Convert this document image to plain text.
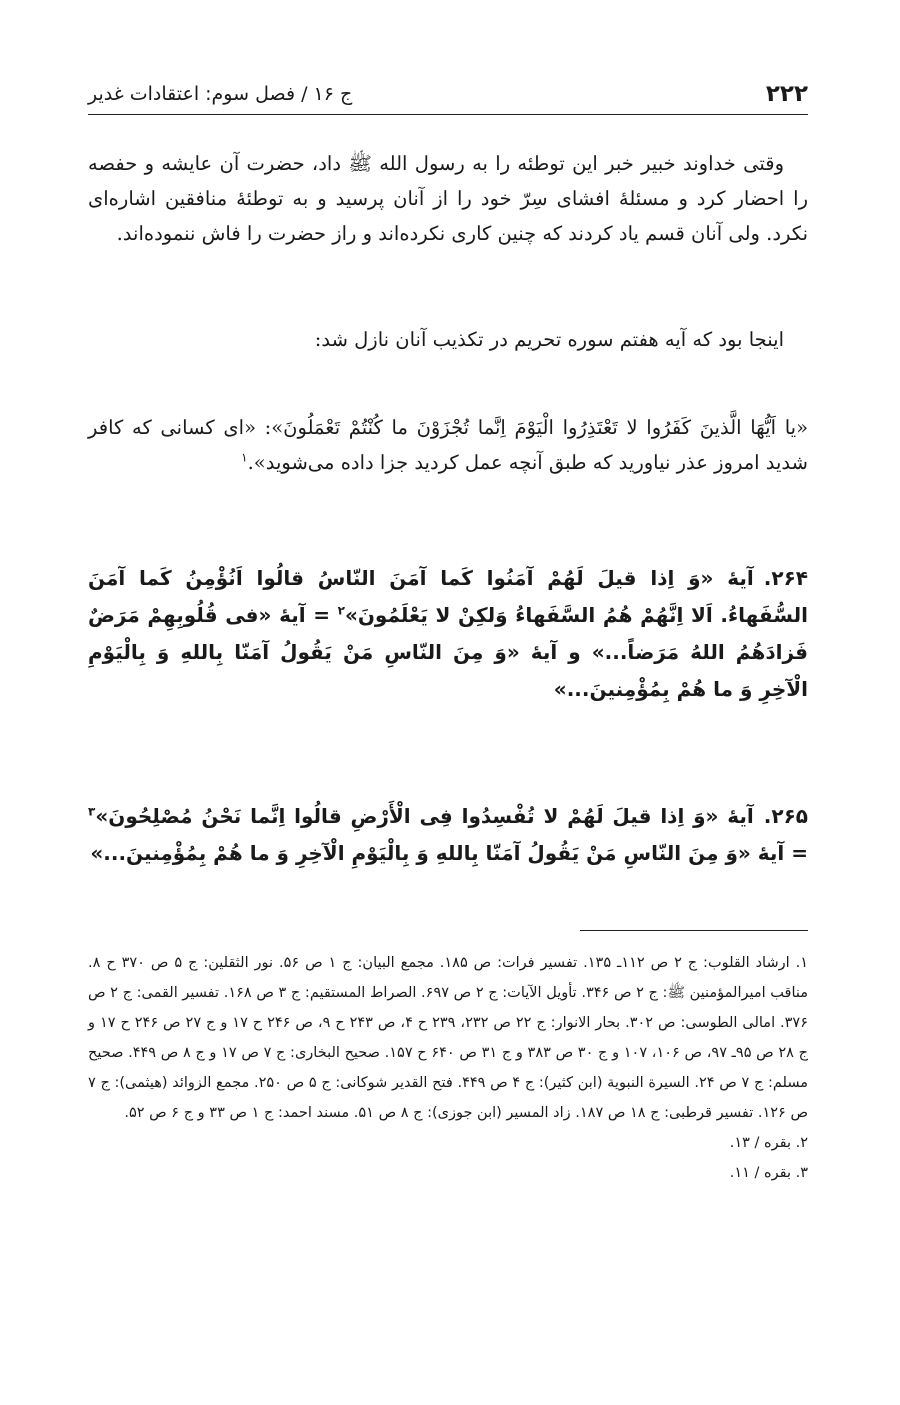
۲۲۲
ج ۱۶ / فصل سوم: اعتقادات غدیر
وقتی خداوند خبیر خبر این توطئه را به رسول الله ﷺ داد، حضرت آن عایشه و حفصه را احضار کرد و مسئلۀ افشای سِرّ خود را از آنان پرسید و به توطئۀ منافقین اشاره‌ای نکرد. ولی آنان قسم یاد کردند که چنین کاری نکرده‌اند و راز حضرت را فاش ننموده‌اند.
اینجا بود که آیه هفتم سوره تحریم در تکذیب آنان نازل شد:
«یا اَیُّهَا الَّذینَ کَفَرُوا لا تَعْتَذِرُوا الْیَوْمَ اِنَّما تُجْزَوْنَ ما کُنْتُمْ تَعْمَلُونَ»: «ای کسانی که کافر شدید امروز عذر نیاورید که طبق آنچه عمل کردید جزا داده می‌شوید».$^۱$
۲۶۴.آیۀ «وَ اِذا قیلَ لَهُمْ آمَنُوا کَما آمَنَ النّاسُ قالُوا اَنُؤْمِنُ کَما آمَنَ السُّفَهاءُ. اَلا اِنَّهُمْ هُمُ السَّفَهاءُ وَلکِنْ لا یَعْلَمُونَ»$^۲$ = آیۀ «فی قُلُوبِهِمْ مَرَضٌ فَزادَهُمُ اللهُ مَرَضاً...» و آیۀ «وَ مِنَ النّاسِ مَنْ یَقُولُ آمَنّا بِاللهِ وَ بِالْیَوْمِ الْآخِرِ وَ ما هُمْ بِمُؤْمِنینَ...»
۲۶۵.آیۀ «وَ اِذا قیلَ لَهُمْ لا تُفْسِدُوا فِی الْأَرْضِ قالُوا اِنَّما نَحْنُ مُصْلِحُونَ»$^۳$ = آیۀ «وَ مِنَ النّاسِ مَنْ یَقُولُ آمَنّا بِاللهِ وَ بِالْیَوْمِ الْآخِرِ وَ ما هُمْ بِمُؤْمِنینَ...»

۱. ارشاد القلوب: ج ۲ ص ۱۱۲ـ ۱۳۵. تفسیر فرات: ص ۱۸۵. مجمع البیان: ج ۱ ص ۵۶. نور الثقلین: ج ۵ ص ۳۷۰ ح ۸. مناقب امیرالمؤمنین ﷺ: ج ۲ ص ۳۴۶. تأویل الآیات: ج ۲ ص ۶۹۷. الصراط المستقیم: ج ۳ ص ۱۶۸. تفسیر القمی: ج ۲ ص ۳۷۶. امالی الطوسی: ص ۳۰۲. بحار الانوار: ج ۲۲ ص ۲۳۲، ۲۳۹ ح ۴، ص ۲۴۳ ح ۹، ص ۲۴۶ ح ۱۷ و ج ۲۷ ص ۲۴۶ ح ۱۷ و ج ۲۸ ص ۹۵ـ ۹۷، ص ۱۰۶، ۱۰۷ و ج ۳۰ ص ۳۸۳ و ج ۳۱ ص ۶۴۰ ح ۱۵۷. صحیح البخاری: ج ۷ ص ۱۷ و ج ۸ ص ۴۴۹. صحیح مسلم: ج ۷ ص ۲۴. السیرة النبویة (ابن کثیر): ج ۴ ص ۴۴۹. فتح القدیر شوکانی: ج ۵ ص ۲۵۰. مجمع الزوائد (هیثمی): ج ۷ ص ۱۲۶. تفسیر قرطبی: ج ۱۸ ص ۱۸۷. زاد المسیر (ابن جوزی): ج ۸ ص ۵۱. مسند احمد: ج ۱ ص ۳۳ و ج ۶ ص ۵۲.

۲. بقره / ۱۳.

۳. بقره / ۱۱.
